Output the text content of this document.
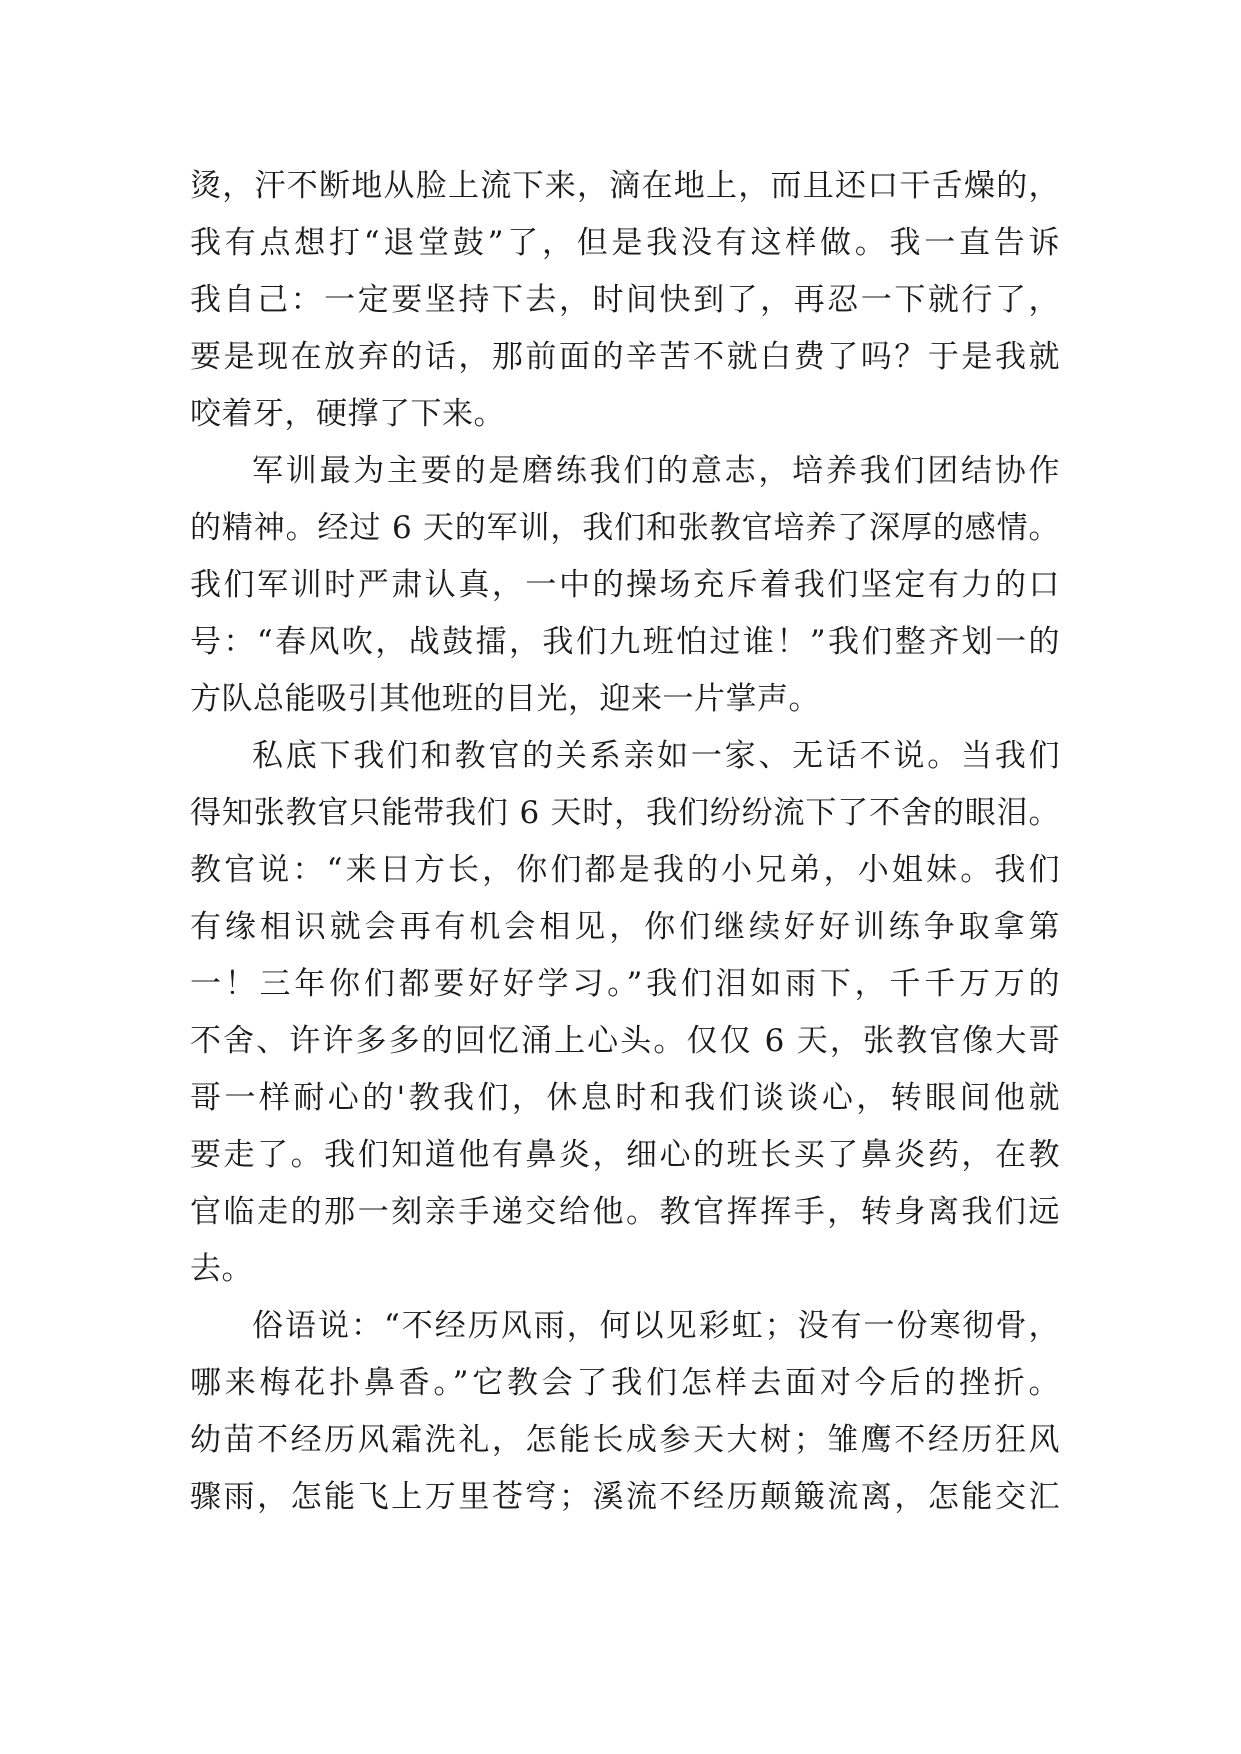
烫，汗不断地从脸上流下来，滴在地上，而且还口干舌燥的，
我有点想打“退堂鼓”了，但是我没有这样做。我一直告诉
我自己：一定要坚持下去，时间快到了，再忍一下就行了，
要是现在放弃的话，那前面的辛苦不就白费了吗？于是我就
咬着牙，硬撑了下来。
军训最为主要的是磨练我们的意志，培养我们团结协作
的精神。经过 6 天的军训，我们和张教官培养了深厚的感情。
我们军训时严肃认真，一中的操场充斥着我们坚定有力的口
号：“春风吹，战鼓擂，我们九班怕过谁！”我们整齐划一的
方队总能吸引其他班的目光，迎来一片掌声。
私底下我们和教官的关系亲如一家、无话不说。当我们
得知张教官只能带我们 6 天时，我们纷纷流下了不舍的眼泪。
教官说：“来日方长，你们都是我的小兄弟，小姐妹。我们
有缘相识就会再有机会相见，你们继续好好训练争取拿第
一！三年你们都要好好学习。”我们泪如雨下，千千万万的
不舍、许许多多的回忆涌上心头。仅仅 6 天，张教官像大哥
哥一样耐心的'教我们，休息时和我们谈谈心，转眼间他就
要走了。我们知道他有鼻炎，细心的班长买了鼻炎药，在教
官临走的那一刻亲手递交给他。教官挥挥手，转身离我们远
去。
俗语说：“不经历风雨，何以见彩虹；没有一份寒彻骨，
哪来梅花扑鼻香。”它教会了我们怎样去面对今后的挫折。
幼苗不经历风霜洗礼，怎能长成参天大树；雏鹰不经历狂风
骤雨，怎能飞上万里苍穹；溪流不经历颠簸流离，怎能交汇
